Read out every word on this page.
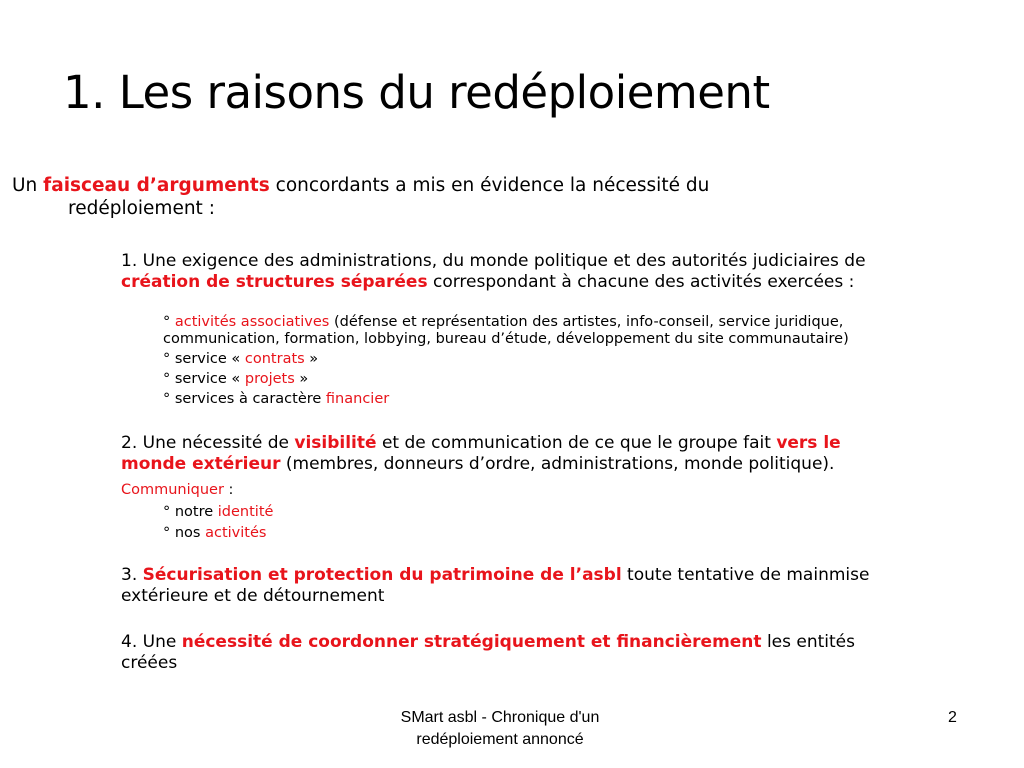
1. Les raisons du redéploiement
Un faisceau d’arguments concordants a mis en évidence la nécessité du
redéploiement :
1. Une exigence des administrations, du monde politique et des autorités judiciaires de
création de structures séparées correspondant à chacune des activités exercées :
° activités associatives (défense et représentation des artistes, info-conseil, service juridique,
communication, formation, lobbying, bureau d’étude, développement du site communautaire)
° service « contrats »
° service « projets »
° services à caractère financier
2. Une nécessité de visibilité et de communication de ce que le groupe fait vers le
monde extérieur (membres, donneurs d’ordre, administrations, monde politique).
Communiquer :
° notre identité
° nos activités
3. Sécurisation et protection du patrimoine de l’asbl toute tentative de mainmise
extérieure et de détournement
4. Une nécessité de coordonner stratégiquement et financièrement les entités
créées
SMart asbl - Chronique d'un
redéploiement annoncé
2
